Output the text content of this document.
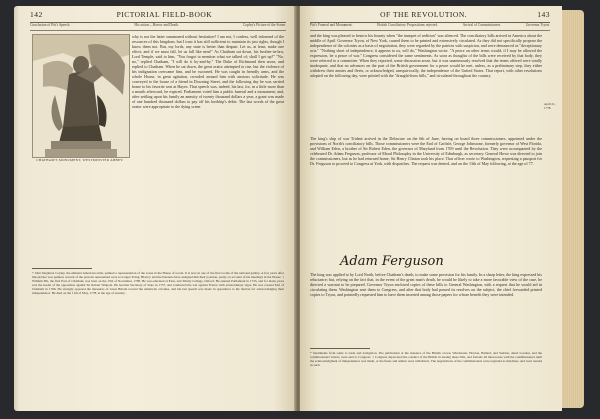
142	PICTORIAL FIELD-BOOK
Conclusion of Pitt's Speech.	His action—Horror and Death.	Copley's Picture of the Scene.
CHATHAM'S MONUMENT, WESTMINSTER ABBEY.
why is not the latter summoned without hesitation? I am not, I confess, well informed of the resources of this kingdom; but I trust it has still sufficient to maintain its just rights, though I know them not. But, my lords, any state is better than despair. Let us, at least, make one effort; and if we must fall, let us fall like men!" As Chatham sat down, his brother-in-law, Lord Temple, said to him, "You forgot to mention what we talked of; shall I get up?" "No, no," replied Chatham, "I will do it by-and-by." The Duke of Richmond then arose, and replied to Chatham. When he sat down, the great orator attempted to rise, but the violence of his indignation overcame him, and he swooned. He was caught in friendly arms, and the whole House, in great agitation, crowded around him with anxious solicitude. He was conveyed to the house of a friend in Downing Street, and the following day he was carried home to his favorite seat at Hayes. That speech was, indeed, his last, for, in a little more than a month afterward, he expired. Parliament voted him a public funeral and a monument; and, after settling upon his family an annuity of twenty thousand dollars a year, a grant was made of one hundred thousand dollars to pay off his lordship's debts. The last words of the great orator were appropriate to the dying scene.
* John Singleton Copley, the eminent American artist, painted a representation of the scene in the House of Lords. It is now in one of the first rooms of the national gallery. A few years after this picture was painted, several of the persons represented were no longer living. History and the listeners have assigned him their position, partly on account of his meetings in the House. † William Pitt, the first Earl of Chatham, was born on the 15th of November, 1708. He was educated at Eton, and Trinity College, Oxford. He entered Parliament in 1735, and for many years was the leader of the opposition against Sir Robert Walpole. He became Secretary of State in 1757, and conducted the war against France with extraordinary vigor. He was created Earl of Chatham in 1766. He strongly opposed the measures of Great Britain toward the American colonies, and his last speech was made in opposition to the motion for acknowledging their independence. He died on the 11th of May, 1778, at the age of seventy.
OF THE REVOLUTION.	143
Pitt's Funeral and Monument.	British Conciliatory Propositions rejected.	Arrival of Commissioners.	Governor Tryon.
and the king was pleased to bestow his bounty when "the trumpet of sedition" was silenced. The conciliatory bills arrived in America about the middle of April. Governor Tryon, of New York, caused them to be printed and extensively circulated. As they did not specifically propose the independence of the colonies as a basis of negotiation, they were regarded by the patriots with suspicion, and were denounced as "deceptionary acts." "Nothing short of independence, it appears to us, will do," Washington wrote. "A peace on other terms would, if I may be allowed the expression, be a peace of war." Congress considered the same sentiments. As soon as thoughts of the bills were received by that body, they were referred to a committee. When they reported, some discussion arose, but it was unanimously resolved that the terms offered were totally inadequate, and that no advances on the part of the British government for a peace would be met, unless, as a preliminary step, they either withdrew their armies and fleets, or acknowledged, unequivocally, the independence of the United States. That report, with other resolutions adopted on the following day, were printed with the "draught-lions bills," and circulated throughout the country.
April 21, 1778.
The king's ship of war Trident arrived in the Delaware on the 6th of June, having on board three commissioners, appointed under the provisions of North's conciliatory bills. Those commissioners were the Earl of Carlisle, George Johnstone, formerly governor of West Florida, and William Eden, a brother of Sir Robert Eden, the governor of Maryland from 1769 until the Revolution. They were accompanied by the celebrated Dr. Adam Ferguson, professor of Moral Philosophy in the University of Edinburgh, as secretary. General Howe was directed to join the commissioners, but as he had returned home, Sir Henry Clinton took his place. That officer wrote to Washington, requesting a passport for Dr. Ferguson to proceed to Congress at York, with dispatches. The request was denied, and on the 13th of May following, at the age of 77.
Adam Ferguson
The king was applied to by Lord North, before Chatham's death, to make some provision for his family. In a sharp letter, the king expressed his reluctance; but, relying on the fact that, in the event of the great man's death, he would be likely to take a more favorable view of the case, he directed a warrant to be prepared. Governor Tryon enclosed copies of these bills to General Washington, with a request that he would aid in circulating them. Washington sent them to Congress, and after that body had passed its resolves on the subject, the chief forwarded printed copies to Tryon, and pointedly requested him to have them inserted among those papers for whose benefit they were intended.
* Sentiments from some to trade and navigation. The publication at the issuance of the British crown, Winchester, Hoxton, Ballard, and Seddon, dated London, and the commissioners' letters, were sent to Congress. † Congress deprecated the conduct of the British in issuing these bills, and forbade all intercourse with the commissioners until the acknowledgment of independence was made, or the fleets and armies were withdrawn. The negotiations of the commissioners were regarded as insidious, and were treated as such.
